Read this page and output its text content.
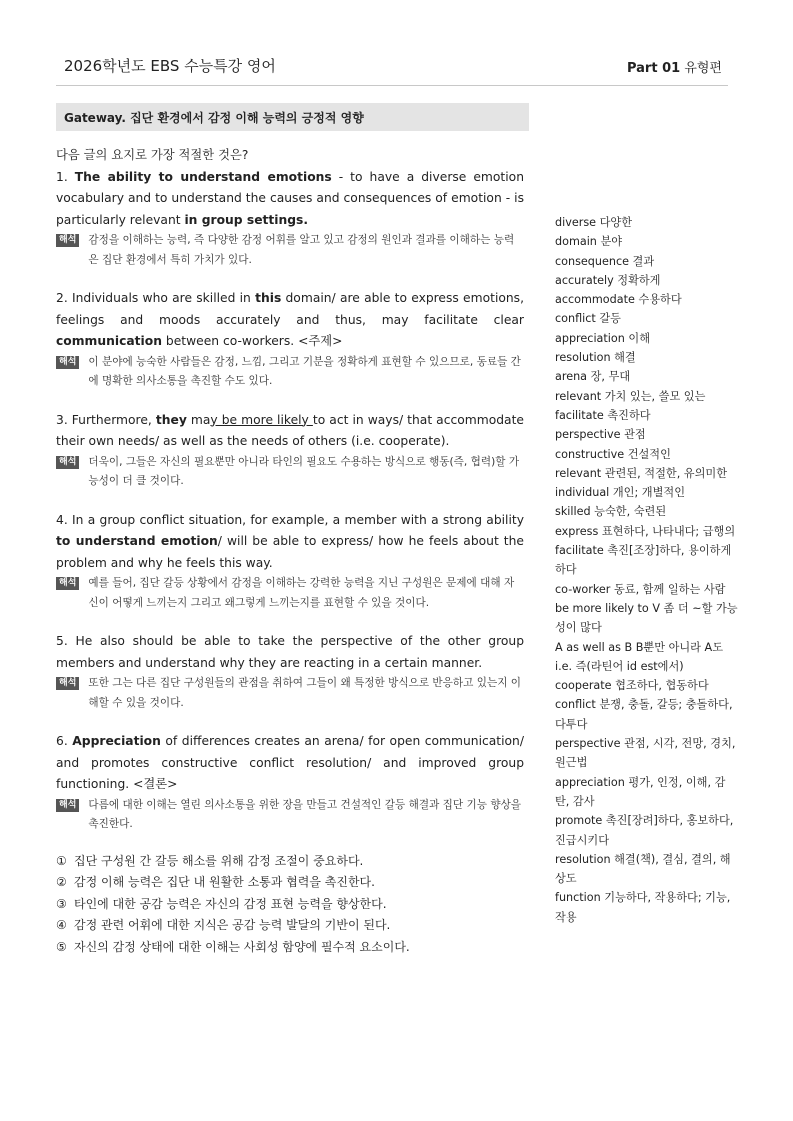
2026학년도 EBS 수능특강 영어	Part 01 유형편
Gateway. 집단 환경에서 감정 이해 능력의 긍정적 영향

다음 글의 요지로 가장 적절한 것은?

1. The ability to understand emotions - to have a diverse emotion vocabulary and to understand the causes and consequences of emotion - is particularly relevant in group settings.

해석 감정을 이해하는 능력, 즉 다양한 감정 어휘를 알고 있고 감정의 원인과 결과를 이해하는 능력은 집단 환경에서 특히 가치가 있다.

2. Individuals who are skilled in this domain/ are able to express emotions, feelings and moods accurately and thus, may facilitate clear communication between co-workers. <주제>

해석 이 분야에 능숙한 사람들은 감정, 느낌, 그리고 기분을 정확하게 표현할 수 있으므로, 동료들 간에 명확한 의사소통을 촉진할 수도 있다.

3. Furthermore, they may be more likely to act in ways/ that accommodate their own needs/ as well as the needs of others (i.e. cooperate).

해석 더욱이, 그들은 자신의 필요뿐만 아니라 타인의 필요도 수용하는 방식으로 행동(즉, 협력)할 가능성이 더 클 것이다.

4. In a group conflict situation, for example, a member with a strong ability to understand emotion/ will be able to express/ how he feels about the problem and why he feels this way.

해석 예를 들어, 집단 갈등 상황에서 감정을 이해하는 강력한 능력을 지닌 구성원은 문제에 대해 자신이 어떻게 느끼는지 그리고 왜그렇게 느끼는지를 표현할 수 있을 것이다.

5. He also should be able to take the perspective of the other group members and understand why they are reacting in a certain manner.

해석 또한 그는 다른 집단 구성원들의 관점을 취하여 그들이 왜 특정한 방식으로 반응하고 있는지 이해할 수 있을 것이다.

6. Appreciation of differences creates an arena/ for open communication/ and promotes constructive conflict resolution/ and improved group functioning. <결론>

해석 다름에 대한 이해는 열린 의사소통을 위한 장을 만들고 건설적인 갈등 해결과 집단 기능 향상을 촉진한다.
① 집단 구성원 간 갈등 해소를 위해 감정 조절이 중요하다.
② 감정 이해 능력은 집단 내 원활한 소통과 협력을 촉진한다.
③ 타인에 대한 공감 능력은 자신의 감정 표현 능력을 향상한다.
④ 감정 관련 어휘에 대한 지식은 공감 능력 발달의 기반이 된다.
⑤ 자신의 감정 상태에 대한 이해는 사회성 함양에 필수적 요소이다.

diverse 다양한

domain 분야

consequence 결과

accurately 정확하게

accommodate 수용하다

conflict 갈등

appreciation 이해

resolution 해결

arena 장, 무대

relevant 가치 있는, 쓸모 있는

facilitate 촉진하다

perspective 관점

constructive 건설적인

relevant 관련된, 적절한, 유의미한

individual 개인; 개별적인

skilled 능숙한, 숙련된

express 표현하다, 나타내다; 급행의

facilitate 촉진[조장]하다, 용이하게 하다

co-worker 동료, 함께 일하는 사람

be more likely to V 좀 더 ~할 가능성이 많다

A as well as B B뿐만 아니라 A도

i.e. 즉(라틴어 id est에서)

cooperate 협조하다, 협동하다

conflict 분쟁, 충돌, 갈등; 충돌하다, 다투다

perspective 관점, 시각, 전망, 경치, 원근법

appreciation 평가, 인정, 이해, 감탄, 감사

promote 촉진[장려]하다, 홍보하다, 진급시키다

resolution 해결(책), 결심, 결의, 해상도

function 기능하다, 작용하다; 기능, 작용
